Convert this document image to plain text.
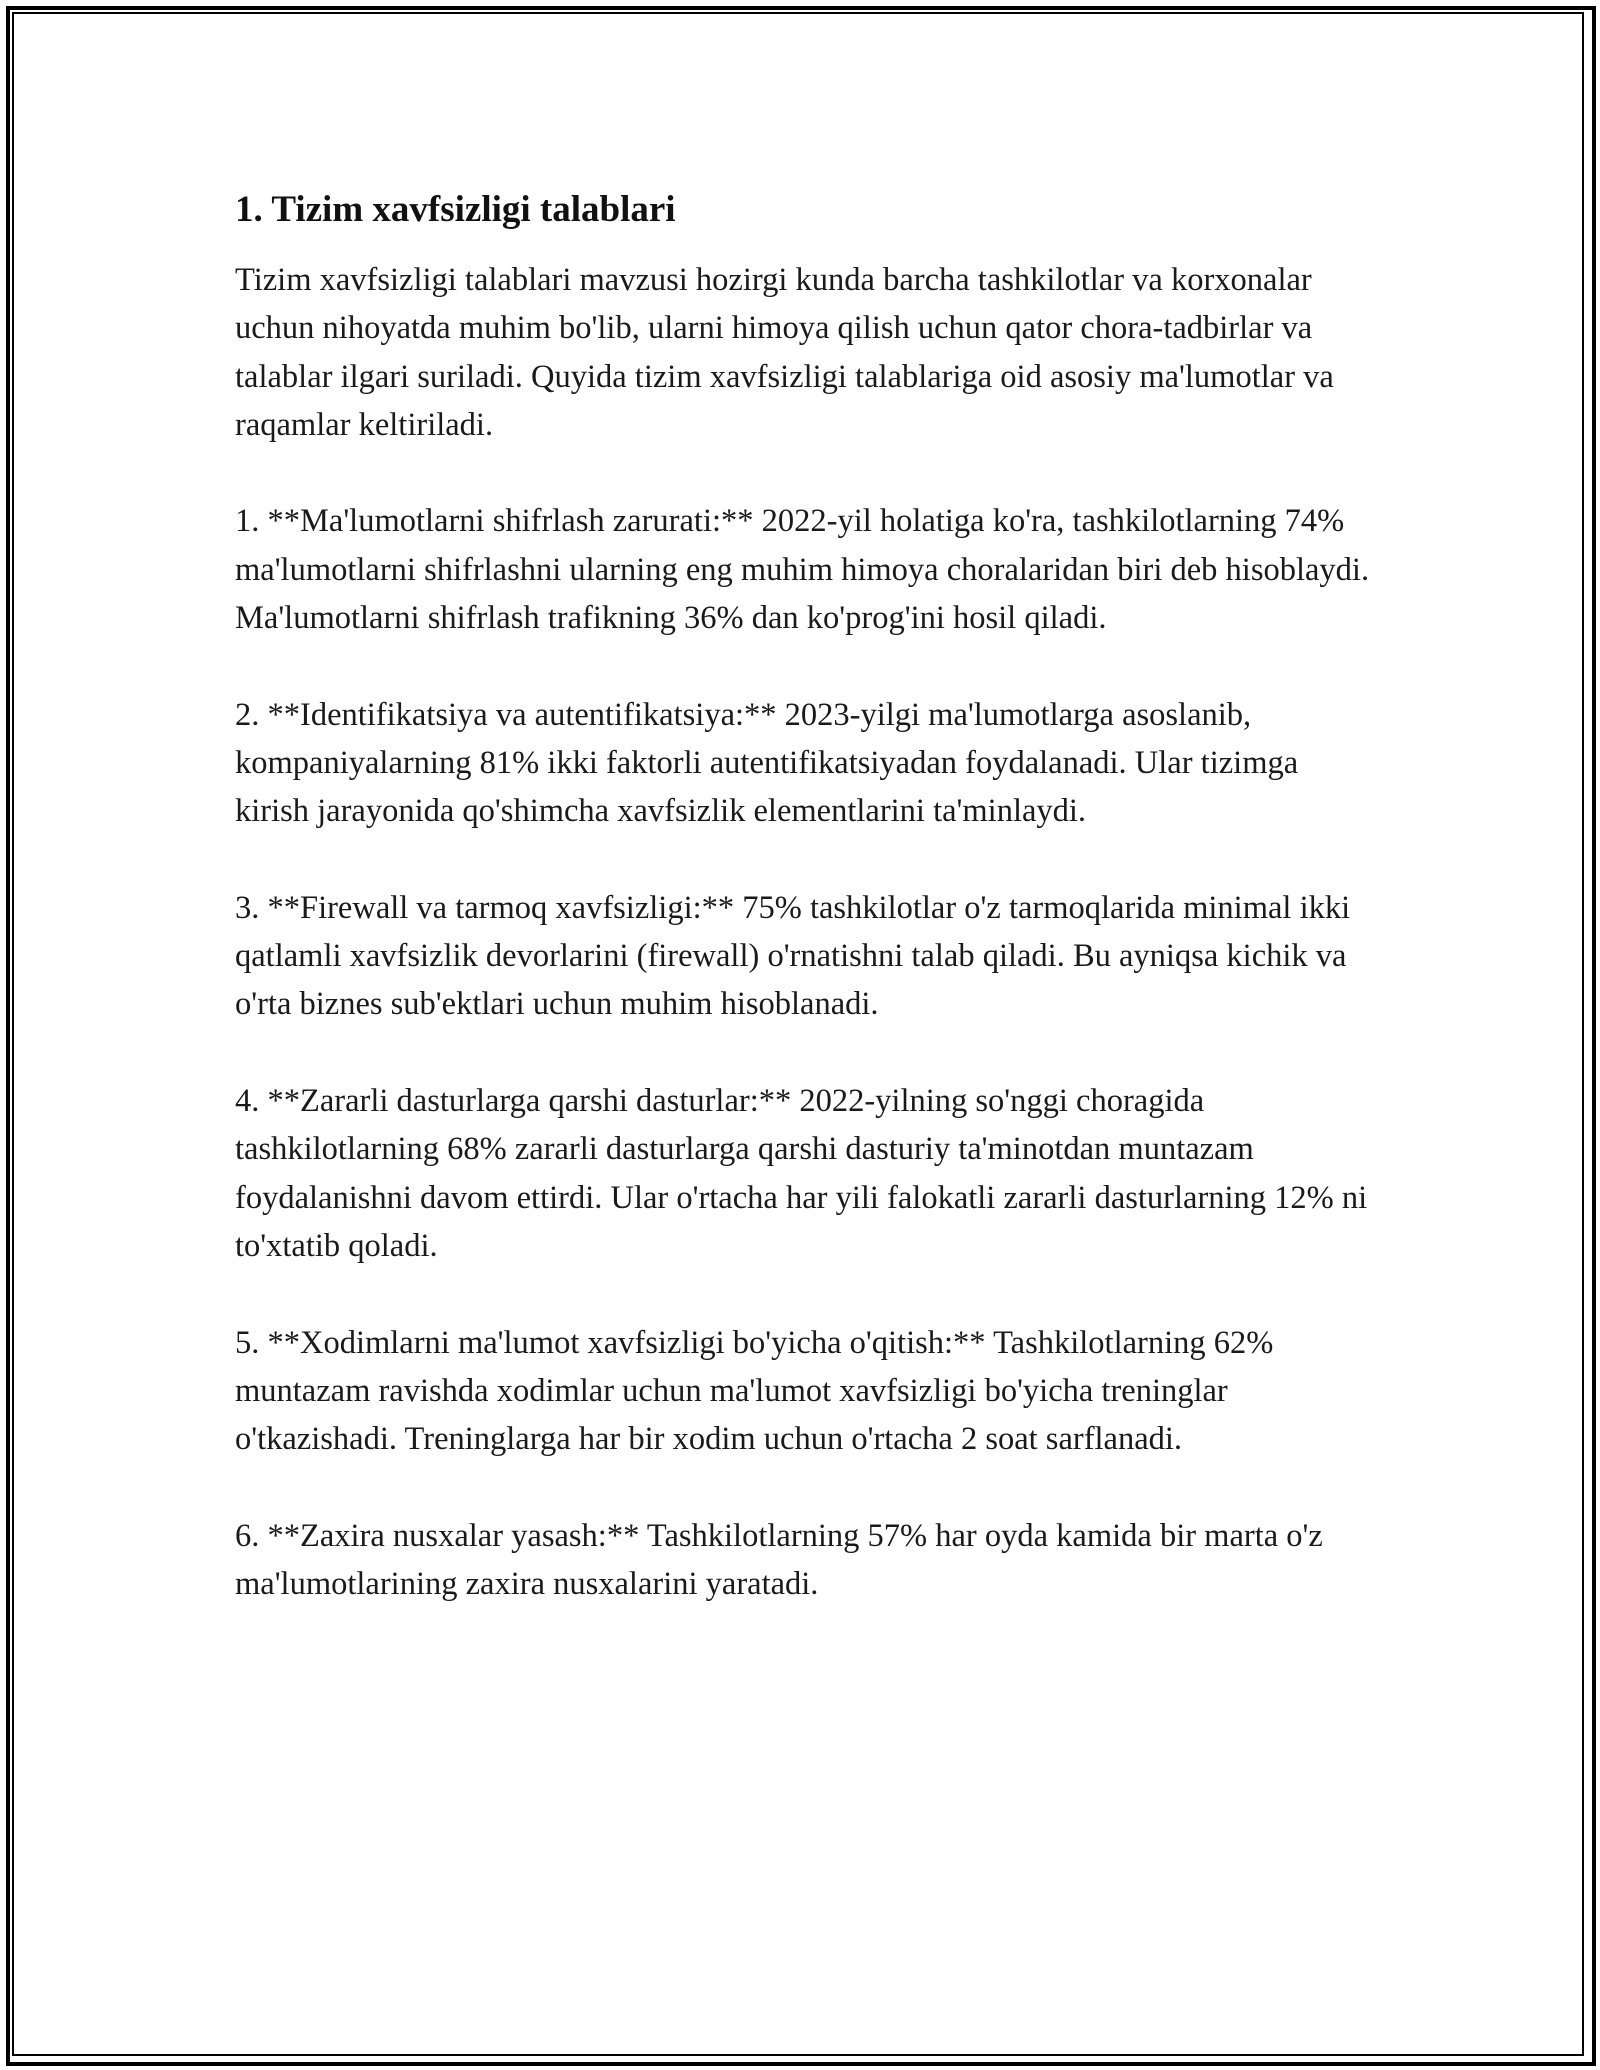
1. Tizim xavfsizligi talablari

Tizim xavfsizligi talablari mavzusi hozirgi kunda barcha tashkilotlar va korxonalar uchun nihoyatda muhim bo'lib, ularni himoya qilish uchun qator chora-tadbirlar va talablar ilgari suriladi. Quyida tizim xavfsizligi talablariga oid asosiy ma'lumotlar va raqamlar keltiriladi.

1. **Ma'lumotlarni shifrlash zarurati:** 2022-yil holatiga ko'ra, tashkilotlarning 74% ma'lumotlarni shifrlashni ularning eng muhim himoya choralaridan biri deb hisoblaydi. Ma'lumotlarni shifrlash trafikning 36% dan ko'prog'ini hosil qiladi.

2. **Identifikatsiya va autentifikatsiya:** 2023-yilgi ma'lumotlarga asoslanib, kompaniyalarning 81% ikki faktorli autentifikatsiyadan foydalanadi. Ular tizimga kirish jarayonida qo'shimcha xavfsizlik elementlarini ta'minlaydi.

3. **Firewall va tarmoq xavfsizligi:** 75% tashkilotlar o'z tarmoqlarida minimal ikki qatlamli xavfsizlik devorlarini (firewall) o'rnatishni talab qiladi. Bu ayniqsa kichik va o'rta biznes sub'ektlari uchun muhim hisoblanadi.

4. **Zararli dasturlarga qarshi dasturlar:** 2022-yilning so'nggi choragida tashkilotlarning 68% zararli dasturlarga qarshi dasturiy ta'minotdan muntazam foydalanishni davom ettirdi. Ular o'rtacha har yili falokatli zararli dasturlarning 12% ni to'xtatib qoladi.

5. **Xodimlarni ma'lumot xavfsizligi bo'yicha o'qitish:** Tashkilotlarning 62% muntazam ravishda xodimlar uchun ma'lumot xavfsizligi bo'yicha treninglar o'tkazishadi. Treninglarga har bir xodim uchun o'rtacha 2 soat sarflanadi.

6. **Zaxira nusxalar yasash:** Tashkilotlarning 57% har oyda kamida bir marta o'z ma'lumotlarining zaxira nusxalarini yaratadi.
